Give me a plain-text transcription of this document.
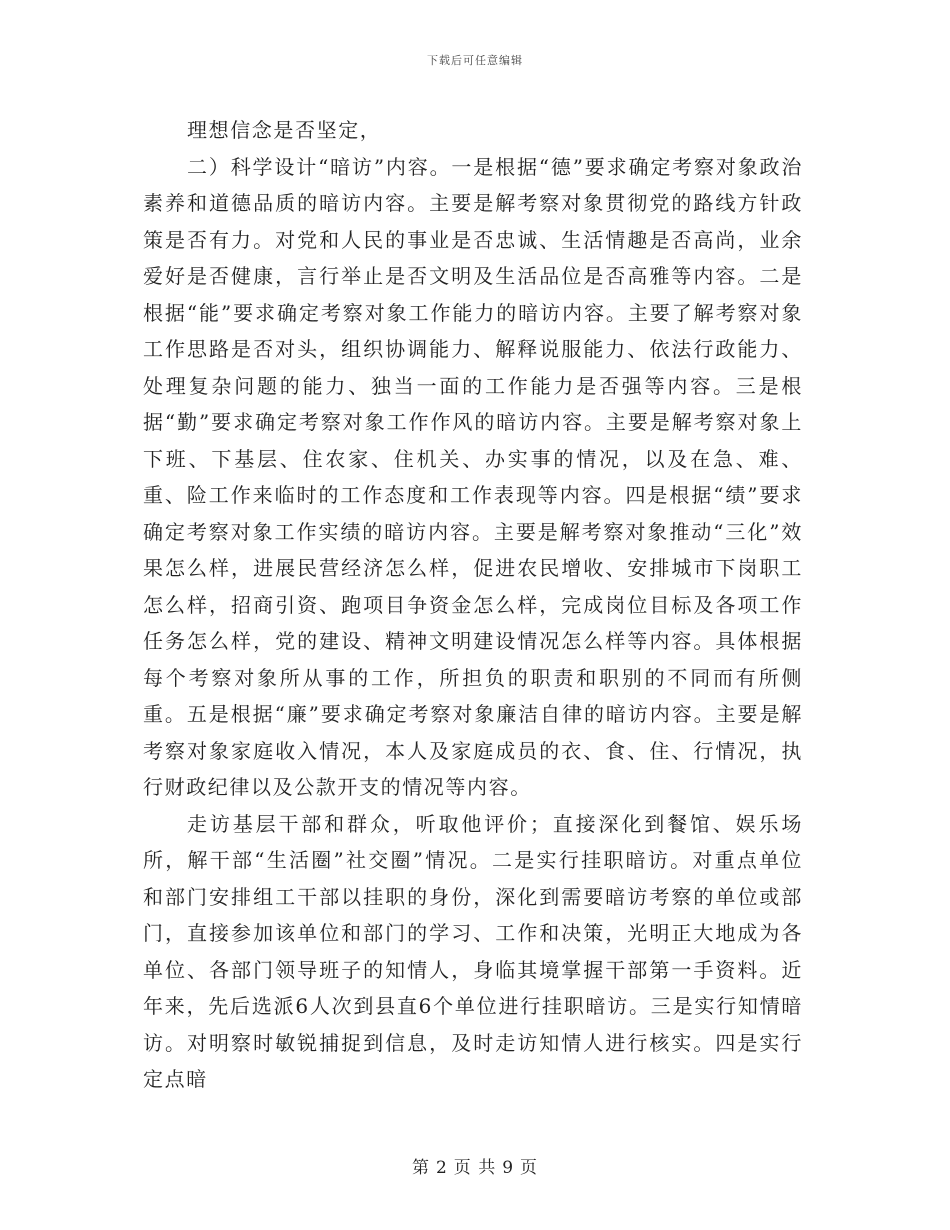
下载后可任意编辑

理想信念是否坚定，

二）科学设计“暗访”内容。一是根据“德”要求确定考察对象政治素养和道德品质的暗访内容。主要是解考察对象贯彻党的路线方针政策是否有力。对党和人民的事业是否忠诚、生活情趣是否高尚，业余爱好是否健康，言行举止是否文明及生活品位是否高雅等内容。二是根据“能”要求确定考察对象工作能力的暗访内容。主要了解考察对象工作思路是否对头，组织协调能力、解释说服能力、依法行政能力、处理复杂问题的能力、独当一面的工作能力是否强等内容。三是根据“勤”要求确定考察对象工作作风的暗访内容。主要是解考察对象上下班、下基层、住农家、住机关、办实事的情况，以及在急、难、重、险工作来临时的工作态度和工作表现等内容。四是根据“绩”要求确定考察对象工作实绩的暗访内容。主要是解考察对象推动“三化”效果怎么样，进展民营经济怎么样，促进农民增收、安排城市下岗职工怎么样，招商引资、跑项目争资金怎么样，完成岗位目标及各项工作任务怎么样，党的建设、精神文明建设情况怎么样等内容。具体根据每个考察对象所从事的工作，所担负的职责和职别的不同而有所侧重。五是根据“廉”要求确定考察对象廉洁自律的暗访内容。主要是解考察对象家庭收入情况，本人及家庭成员的衣、食、住、行情况，执行财政纪律以及公款开支的情况等内容。

走访基层干部和群众，听取他评价；直接深化到餐馆、娱乐场所，解干部“生活圈”社交圈”情况。二是实行挂职暗访。对重点单位和部门安排组工干部以挂职的身份，深化到需要暗访考察的单位或部门，直接参加该单位和部门的学习、工作和决策，光明正大地成为各单位、各部门领导班子的知情人，身临其境掌握干部第一手资料。近年来，先后选派6人次到县直6个单位进行挂职暗访。三是实行知情暗访。对明察时敏锐捕捉到信息，及时走访知情人进行核实。四是实行定点暗

第 2 页 共 9 页
